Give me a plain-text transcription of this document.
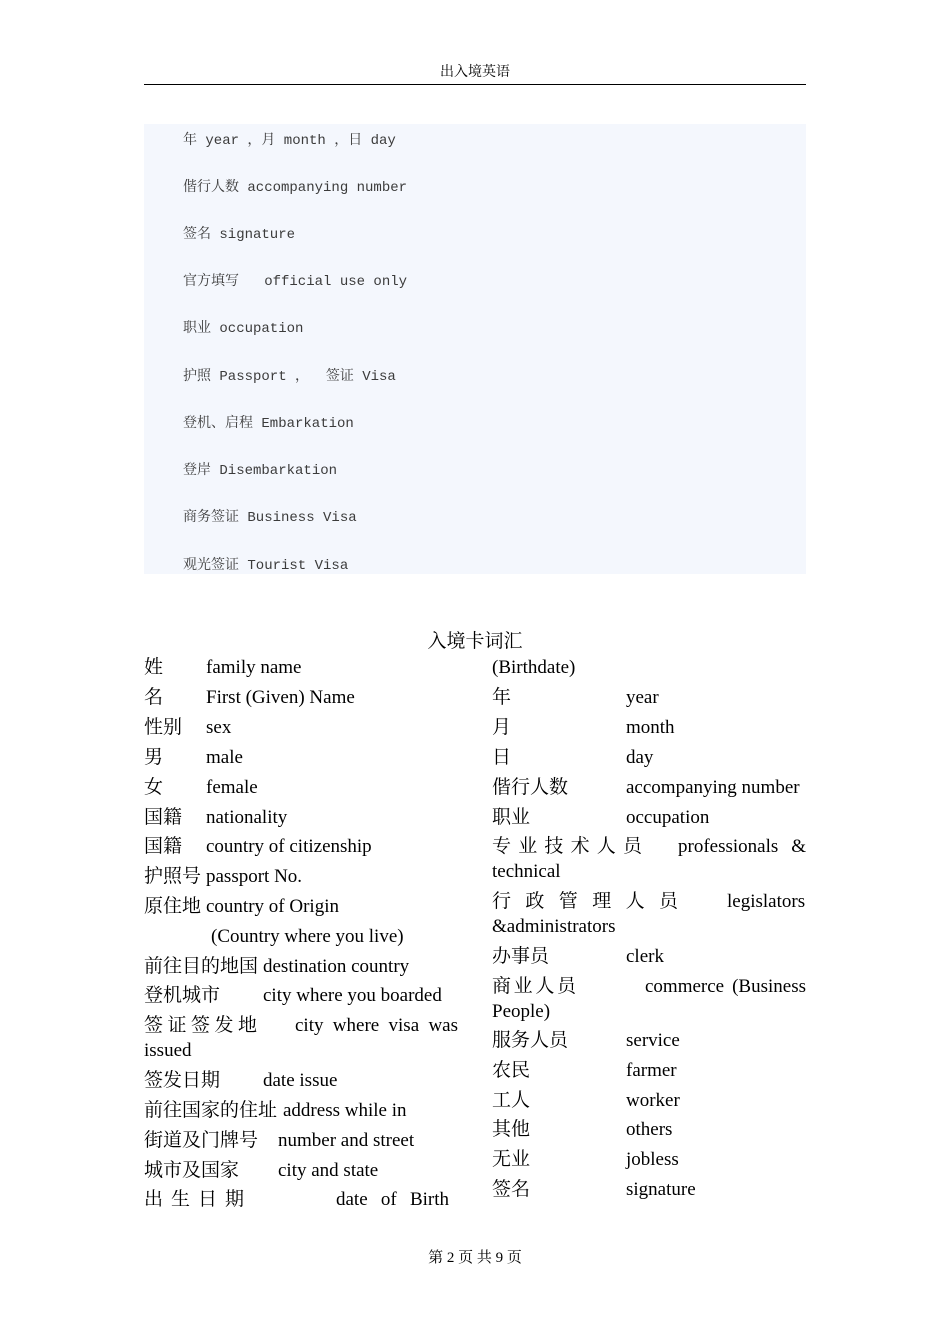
出入境英语
年 year ，月 month ，日 day
偕行人数 accompanying number
签名 signature
官方填写   official use only
职业 occupation
护照 Passport ，  签证 Visa
登机、启程 Embarkation
登岸 Disembarkation
商务签证 Business Visa
观光签证 Tourist Visa
入境卡词汇
姓 family name
名 First (Given) Name
性别 sex
男 male
女 female
国籍 nationality
国籍 country of citizenship
护照号 passport No.
原住地 country of Origin
(Country where you live)
前往目的地国 destination country
登机城市 city where you boarded
签证签发地 city where visa was
issued
签发日期 date issue
前往国家的住址 address while in
街道及门牌号 number and street
城市及国家 city and state
出生日期	date of Birth
(Birthdate)
年	year
月	month
日	day
偕行人数	accompanying number
职业	occupation
专业技术人员 professionals &
technical
行政管理人员	legislators
&administrators
办事员	clerk
商业人员	commerce (Business
People)
服务人员	service
农民	farmer
工人	worker
其他	others
无业	jobless
签名	signature
第 2 页 共 9 页
